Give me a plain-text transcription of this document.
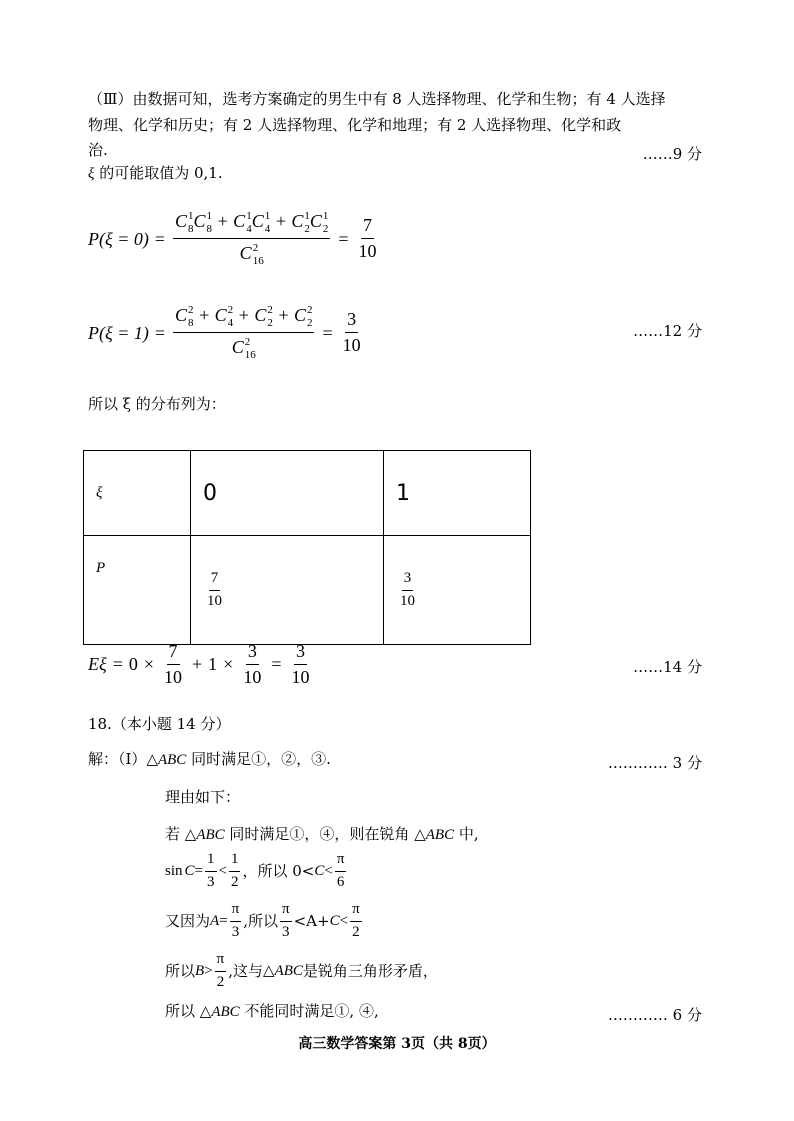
（Ⅲ）由数据可知，选考方案确定的男生中有 8 人选择物理、化学和生物；有 4 人选择
物理、化学和历史；有 2 人选择物理、化学和地理；有 2 人选择物理、化学和政
治.	……9 分
ξ 的可能取值为 0,1.
P(ξ = 0) = C 1
8 C 1
8 + C 1
4 C 1
4 + C 1
2 C 1
2
C 2
$16 = \frac{7}{10}$
P(ξ = 1) = C 2
8 + C 2
4 + C 2
2 + C 2
2
C 2
$16 = \frac{3}{10}$	……12 分
所以 ξ 的分布列为：
ξ	0	1
P	$\frac{7}{10}$	$\frac{3}{10}$
$E\xi = 0 \times \frac{7}{10} + 1 \times \frac{3}{10} = \frac{3}{10}$	……14 分
18.（本小题 14 分）
解：（Ⅰ）△ABC 同时满足①，②，③.	………… 3 分
理由如下：
若 △ABC 同时满足①，④，则在锐角 △ABC 中,
$\sin C = \frac{1}{3} < \frac{1}{2}$ ，所以 $0< C < \frac{\pi}{6}$
又因为 $A = \frac{\pi}{3}$ ,所以 $\frac{\pi}{3} <A+ C < \frac{\pi}{2}$
所以 $B > \frac{\pi}{2}$ ,这与 △ABC 是锐角三角形矛盾，
所以 △ABC 不能同时满足①, ④,	………… 6 分
高三数学答案第 3页（共 8页）
